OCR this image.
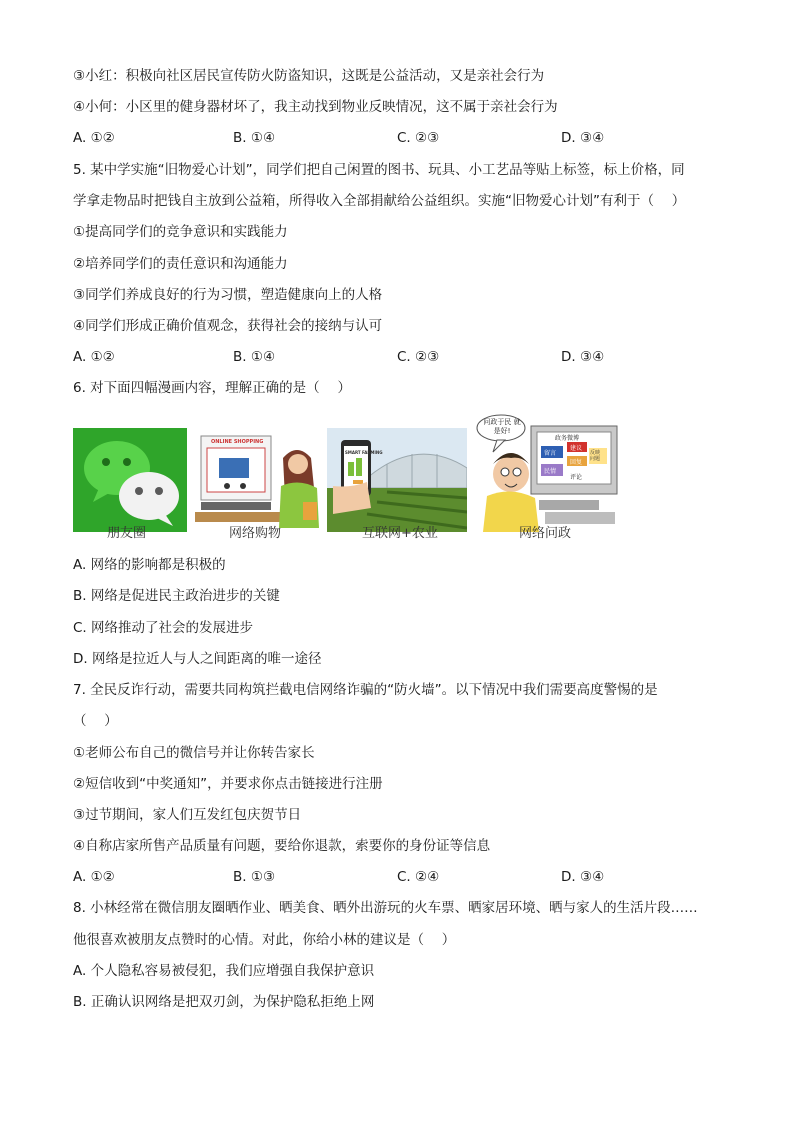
③小红：积极向社区居民宣传防火防盗知识，这既是公益活动，又是亲社会行为
④小何：小区里的健身器材坏了，我主动找到物业反映情况，这不属于亲社会行为
A. ①②	B. ①④	C. ②③	D. ③④
5. 某中学实施“旧物爱心计划”，同学们把自己闲置的图书、玩具、小工艺品等贴上标签，标上价格，同
学拿走物品时把钱自主放到公益箱，所得收入全部捐献给公益组织。实施“旧物爱心计划”有利于（　 ）
①提高同学们的竞争意识和实践能力
②培养同学们的责任意识和沟通能力
③同学们养成良好的行为习惯，塑造健康向上的人格
④同学们形成正确价值观念，获得社会的接纳与认可
A. ①②	B. ①④	C. ②③	D. ③④
6. 对下面四幅漫画内容，理解正确的是（　 ）
ONLINE SHOPPING
SMART FARMING
问政于民 就是好!
政务微博
留言	反映 问题
建议
回复
民情
评论
朋友圈	网络购物	互联网+农业	网络问政
A. 网络的影响都是积极的
B. 网络是促进民主政治进步的关键
C. 网络推动了社会的发展进步
D. 网络是拉近人与人之间距离的唯一途径
7. 全民反诈行动，需要共同构筑拦截电信网络诈骗的“防火墙”。以下情况中我们需要高度警惕的是
（　 ）
①老师公布自己的微信号并让你转告家长
②短信收到“中奖通知”，并要求你点击链接进行注册
③过节期间，家人们互发红包庆贺节日
④自称店家所售产品质量有问题，要给你退款，索要你的身份证等信息
A. ①②	B. ①③	C. ②④	D. ③④
8. 小林经常在微信朋友圈晒作业、晒美食、晒外出游玩的火车票、晒家居环境、晒与家人的生活片段……
他很喜欢被朋友点赞时的心情。对此，你给小林的建议是（　 ）
A. 个人隐私容易被侵犯，我们应增强自我保护意识
B. 正确认识网络是把双刃剑，为保护隐私拒绝上网
